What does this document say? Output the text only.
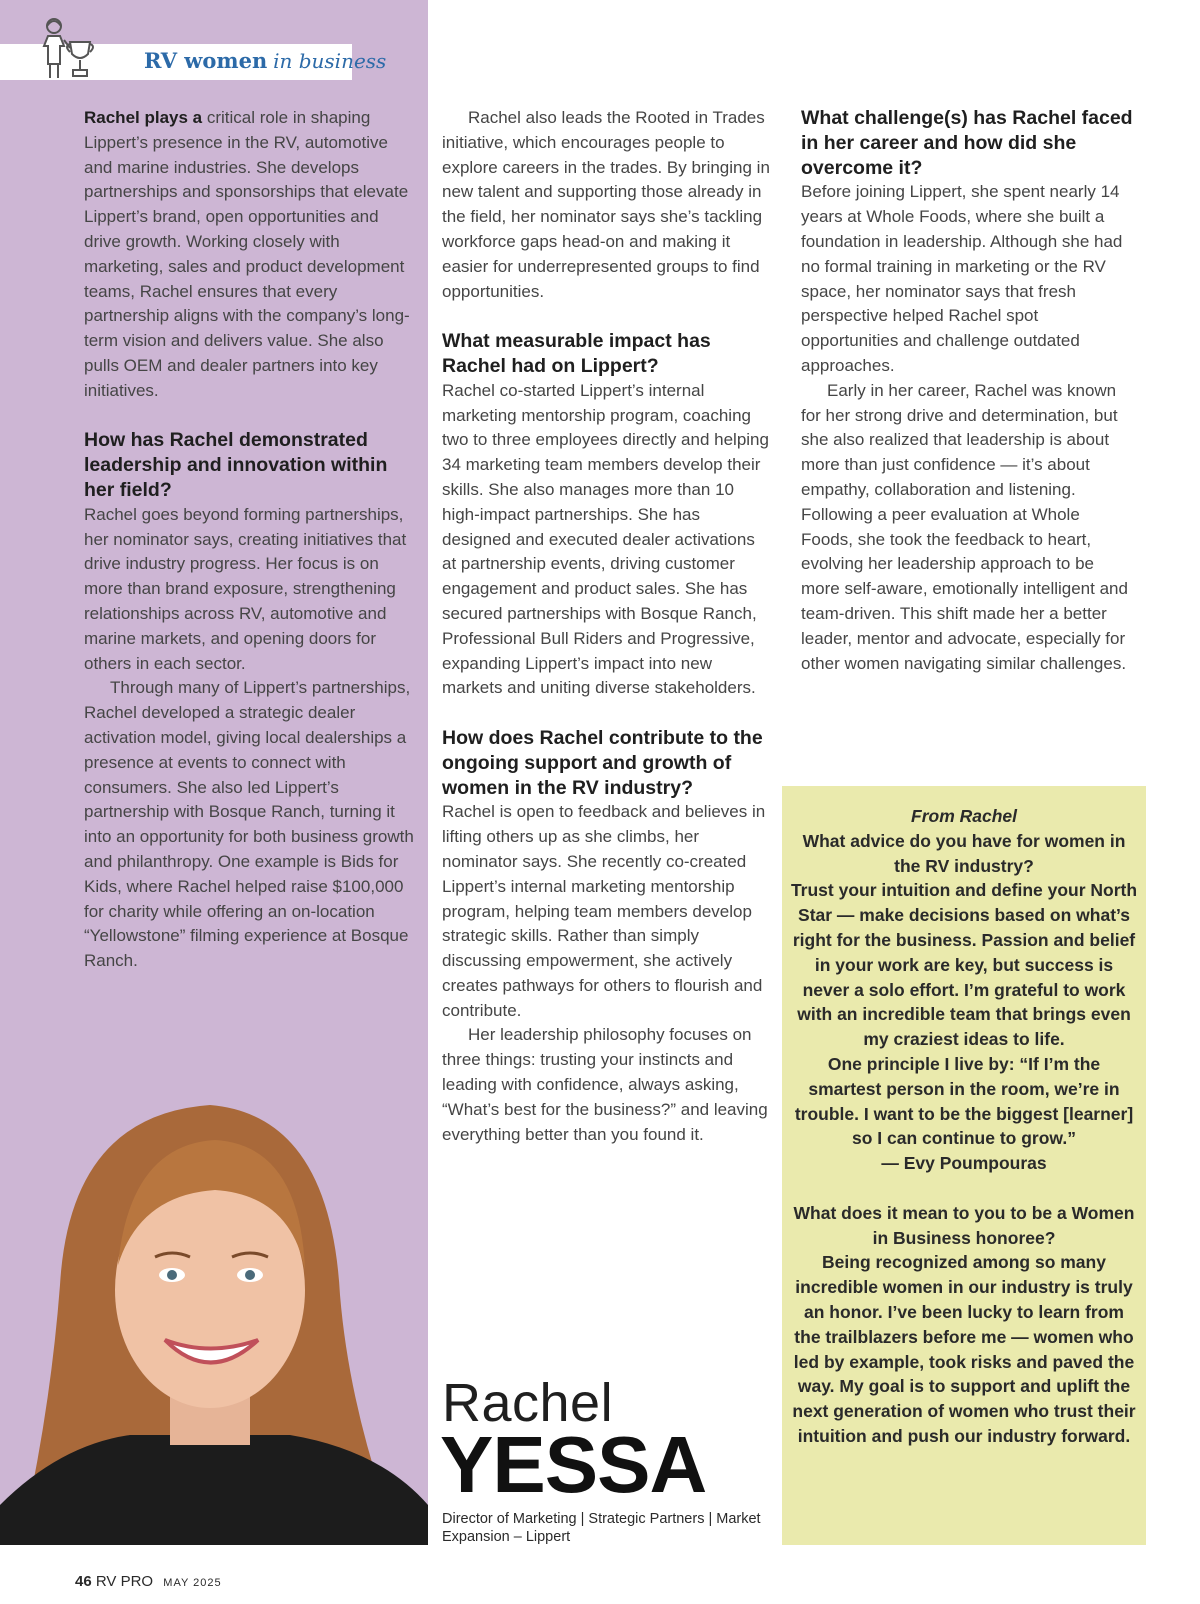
RV women in business

Rachel plays a critical role in shaping Lippert’s presence in the RV, automotive and marine industries. She develops partnerships and sponsorships that elevate Lippert’s brand, open opportunities and drive growth. Working closely with marketing, sales and product development teams, Rachel ensures that every partnership aligns with the company’s long-term vision and delivers value. She also pulls OEM and dealer partners into key initiatives.

How has Rachel demonstrated leadership and innovation within her field?

Rachel goes beyond forming partnerships, her nominator says, creating initiatives that drive industry progress. Her focus is on more than brand exposure, strengthening relationships across RV, automotive and marine markets, and opening doors for others in each sector.

Through many of Lippert’s partnerships, Rachel developed a strategic dealer activation model, giving local dealerships a presence at events to connect with consumers. She also led Lippert’s partnership with Bosque Ranch, turning it into an opportunity for both business growth and philanthropy. One example is Bids for Kids, where Rachel helped raise $100,000 for charity while offering an on-location “Yellowstone” filming experience at Bosque Ranch.

Rachel also leads the Rooted in Trades initiative, which encourages people to explore careers in the trades. By bringing in new talent and supporting those already in the field, her nominator says she’s tackling workforce gaps head-on and making it easier for underrepresented groups to find opportunities.

What measurable impact has Rachel had on Lippert?

Rachel co-started Lippert’s internal marketing mentorship program, coaching two to three employees directly and helping 34 marketing team members develop their skills. She also manages more than 10 high-impact partnerships. She has designed and executed dealer activations at partnership events, driving customer engagement and product sales. She has secured partnerships with Bosque Ranch, Professional Bull Riders and Progressive, expanding Lippert’s impact into new markets and uniting diverse stakeholders.

How does Rachel contribute to the ongoing support and growth of women in the RV industry?

Rachel is open to feedback and believes in lifting others up as she climbs, her nominator says. She recently co-created Lippert’s internal marketing mentorship program, helping team members develop strategic skills. Rather than simply discussing empowerment, she actively creates pathways for others to flourish and contribute.

Her leadership philosophy focuses on three things: trusting your instincts and leading with confidence, always asking, “What’s best for the business?” and leaving everything better than you found it.

What challenge(s) has Rachel faced in her career and how did she overcome it?

Before joining Lippert, she spent nearly 14 years at Whole Foods, where she built a foundation in leadership. Although she had no formal training in marketing or the RV space, her nominator says that fresh perspective helped Rachel spot opportunities and challenge outdated approaches.

Early in her career, Rachel was known for her strong drive and determination, but she also realized that leadership is about more than just confidence — it’s about empathy, collaboration and listening. Following a peer evaluation at Whole Foods, she took the feedback to heart, evolving her leadership approach to be more self-aware, emotionally intelligent and team-driven. This shift made her a better leader, mentor and advocate, especially for other women navigating similar challenges.

Rachel
YESSA
Director of Marketing | Strategic Partners | Market Expansion – Lippert

From Rachel

What advice do you have for women in the RV industry?

Trust your intuition and define your North Star — make decisions based on what’s right for the business. Passion and belief in your work are key, but success is never a solo effort. I’m grateful to work with an incredible team that brings even my craziest ideas to life.

One principle I live by: “If I’m the smartest person in the room, we’re in trouble. I want to be the biggest [learner] so I can continue to grow.”

— Evy Poumpouras

What does it mean to you to be a Women in Business honoree?

Being recognized among so many incredible women in our industry is truly an honor. I’ve been lucky to learn from the trailblazers before me — women who led by example, took risks and paved the way. My goal is to support and uplift the next generation of women who trust their intuition and push our industry forward.

46 RV PRO MAY 2025
